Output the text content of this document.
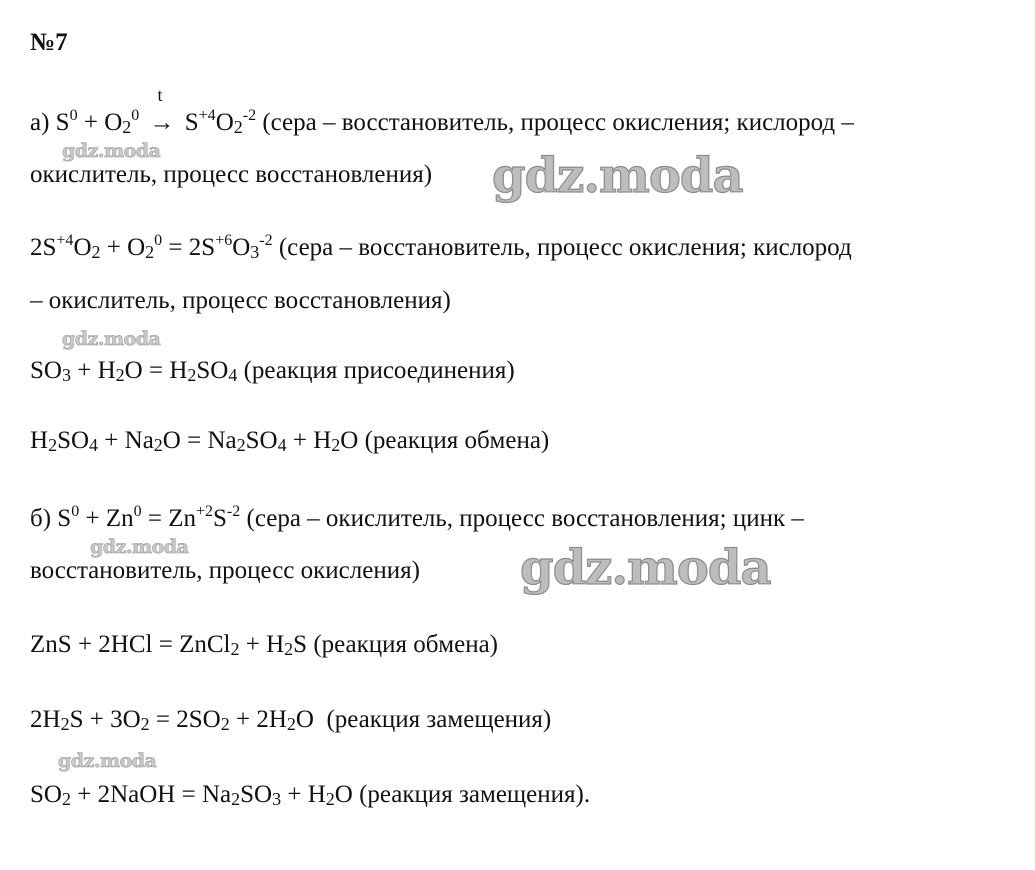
№7
а) $S^0 + O_2^0$
t
→ $S^{+4}O_2^{-2}$ (сера – восстановитель, процесс окисления; кислород –
окислитель, процесс восстановления)
$2S^{+4}O_2 + O_2^0 = 2S^{+6}O_3^{-2}$ (сера – восстановитель, процесс окисления; кислород
– окислитель, процесс восстановления)
$SO_3 + H_2O = H_2SO_4$ (реакция присоединения)
$H_2SO_4 + Na_2O = Na_2SO_4 + H_2O$ (реакция обмена)
б) $S^0 + Zn^0 = Zn^{+2}S^{-2}$ (сера – окислитель, процесс восстановления; цинк –
восстановитель, процесс окисления)
ZnS + 2HCl = ZnCl$_2$ + $H_2S$ (реакция обмена)
$2H_2S + 3O_2 = 2SO_2 + 2H_2O$  (реакция замещения)
$SO_2$ + 2NaOH = $Na_2SO_3 + H_2O$ (реакция замещения).
gdz.moda	gdz.moda
gdz.moda
gdz.moda	gdz.moda
gdz.moda
